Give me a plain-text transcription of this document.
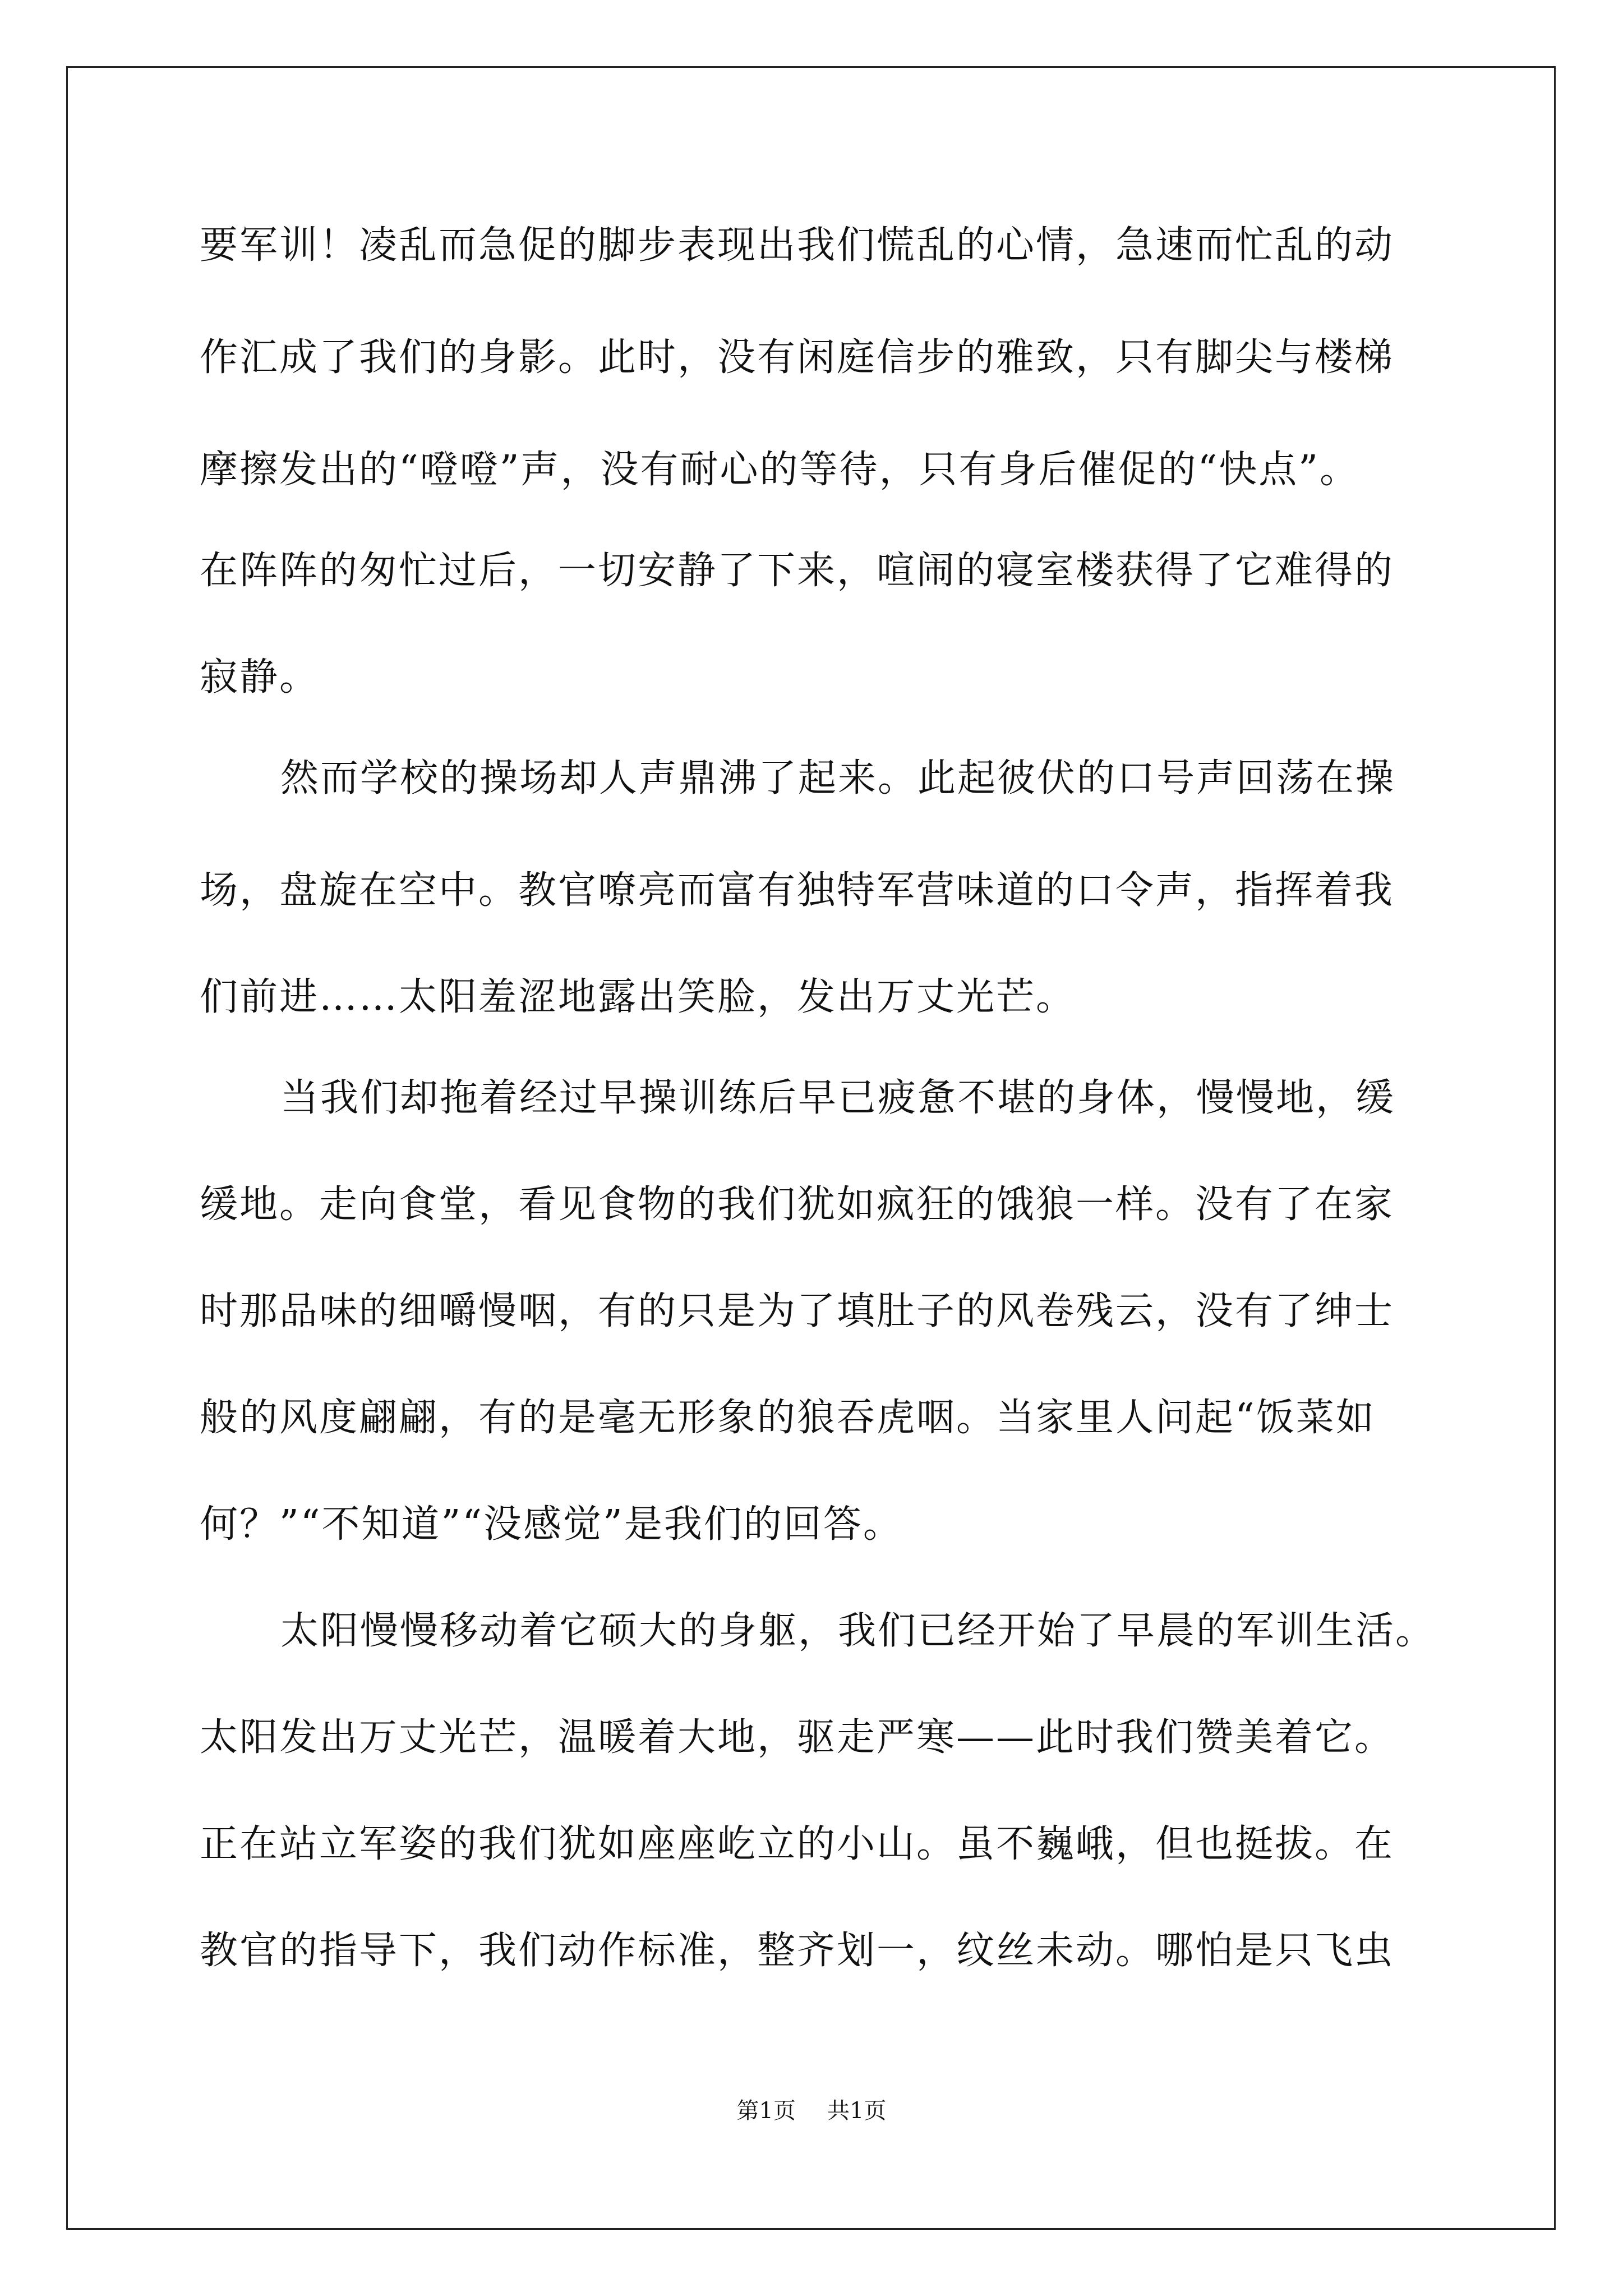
要军训！凌乱而急促的脚步表现出我们慌乱的心情，急速而忙乱的动
作汇成了我们的身影。此时，没有闲庭信步的雅致，只有脚尖与楼梯
摩擦发出的“噔噔”声，没有耐心的等待，只有身后催促的“快点”。
在阵阵的匆忙过后，一切安静了下来，喧闹的寝室楼获得了它难得的
寂静。
然而学校的操场却人声鼎沸了起来。此起彼伏的口号声回荡在操
场，盘旋在空中。教官嘹亮而富有独特军营味道的口令声，指挥着我
们前进……太阳羞涩地露出笑脸，发出万丈光芒。
当我们却拖着经过早操训练后早已疲惫不堪的身体，慢慢地，缓
缓地。走向食堂，看见食物的我们犹如疯狂的饿狼一样。没有了在家
时那品味的细嚼慢咽，有的只是为了填肚子的风卷残云，没有了绅士
般的风度翩翩，有的是毫无形象的狼吞虎咽。当家里人问起“饭菜如
何？”“不知道”“没感觉”是我们的回答。
太阳慢慢移动着它硕大的身躯，我们已经开始了早晨的军训生活。
太阳发出万丈光芒，温暖着大地，驱走严寒——此时我们赞美着它。
正在站立军姿的我们犹如座座屹立的小山。虽不巍峨，但也挺拔。在
教官的指导下，我们动作标准，整齐划一，纹丝未动。哪怕是只飞虫
第1页 共1页
